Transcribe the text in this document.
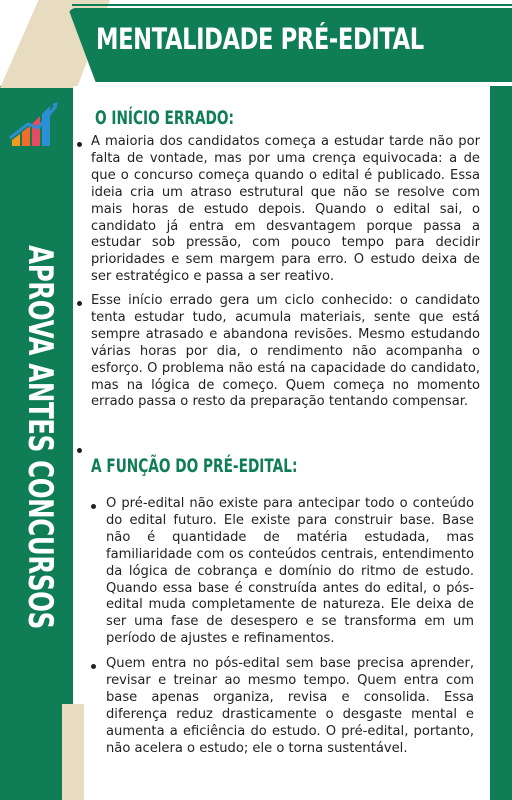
MENTALIDADE PRÉ-EDITAL
APROVA ANTES CONCURSOS
O INÍCIO ERRADO:
A maioria dos candidatos começa a estudar tarde não por falta de vontade, mas por uma crença equivocada: a de que o concurso começa quando o edital é publicado. Essa ideia cria um atraso estrutural que não se resolve com mais horas de estudo depois. Quando o edital sai, o candidato já entra em desvantagem porque passa a estudar sob pressão, com pouco tempo para decidir prioridades e sem margem para erro. O estudo deixa de ser estratégico e passa a ser reativo.
Esse início errado gera um ciclo conhecido: o candidato tenta estudar tudo, acumula materiais, sente que está sempre atrasado e abandona revisões. Mesmo estudando várias horas por dia, o rendimento não acompanha o esforço. O problema não está na capacidade do candidato, mas na lógica de começo. Quem começa no momento errado passa o resto da preparação tentando compensar.
A FUNÇÃO DO PRÉ-EDITAL:
O pré-edital não existe para antecipar todo o conteúdo do edital futuro. Ele existe para construir base. Base não é quantidade de matéria estudada, mas familiaridade com os conteúdos centrais, entendimento da lógica de cobrança e domínio do ritmo de estudo. Quando essa base é construída antes do edital, o pós-edital muda completamente de natureza. Ele deixa de ser uma fase de desespero e se transforma em um período de ajustes e refinamentos.
Quem entra no pós-edital sem base precisa aprender, revisar e treinar ao mesmo tempo. Quem entra com base apenas organiza, revisa e consolida. Essa diferença reduz drasticamente o desgaste mental e aumenta a eficiência do estudo. O pré-edital, portanto, não acelera o estudo; ele o torna sustentável.
